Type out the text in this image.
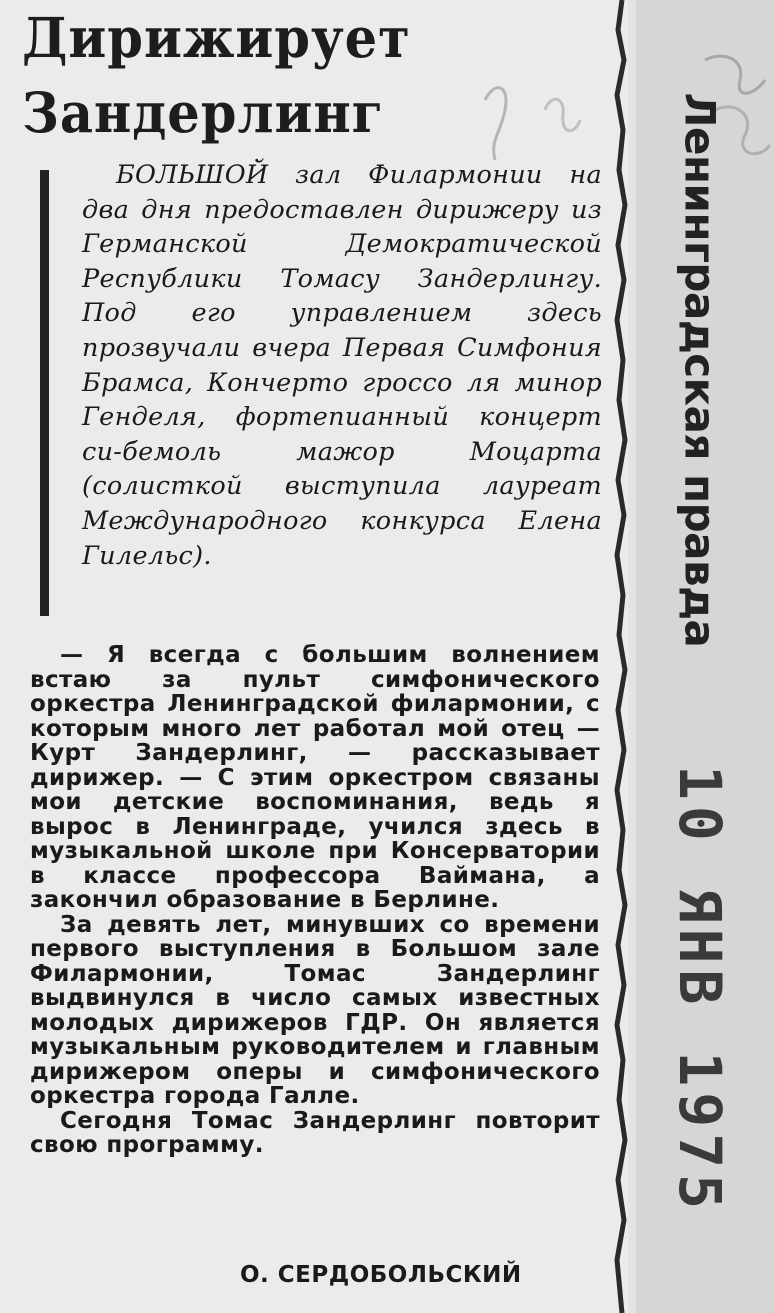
Дирижирует
Зандерлинг

БОЛЬШОЙ зал Филармонии на два дня предоставлен дирижеру из Германской Демократической Республики Томасу Зандерлингу. Под его управлением здесь прозвучали вчера Первая Симфония Брамса, Кончерто гроссо ля минор Генделя, фортепианный концерт си-бемоль мажор Моцарта (солисткой выступила лауреат Международного конкурса Елена Гилельс).

— Я всегда с большим волнением встаю за пульт симфонического оркестра Ленинградской филармонии, с которым много лет работал мой отец — Курт Зандерлинг, — рассказывает дирижер. — С этим оркестром связаны мои детские воспоминания, ведь я вырос в Ленинграде, учился здесь в музыкальной школе при Консерватории в классе профессора Ваймана, а закончил образование в Берлине.

За девять лет, минувших со времени первого выступления в Большом зале Филармонии, Томас Зандерлинг выдвинулся в число самых известных молодых дирижеров ГДР. Он является музыкальным руководителем и главным дирижером оперы и симфонического оркестра города Галле.

Сегодня Томас Зандерлинг повторит свою программу.

О. СЕРДОБОЛЬСКИЙ

Ленинградская правда
10 ЯНВ 1975
